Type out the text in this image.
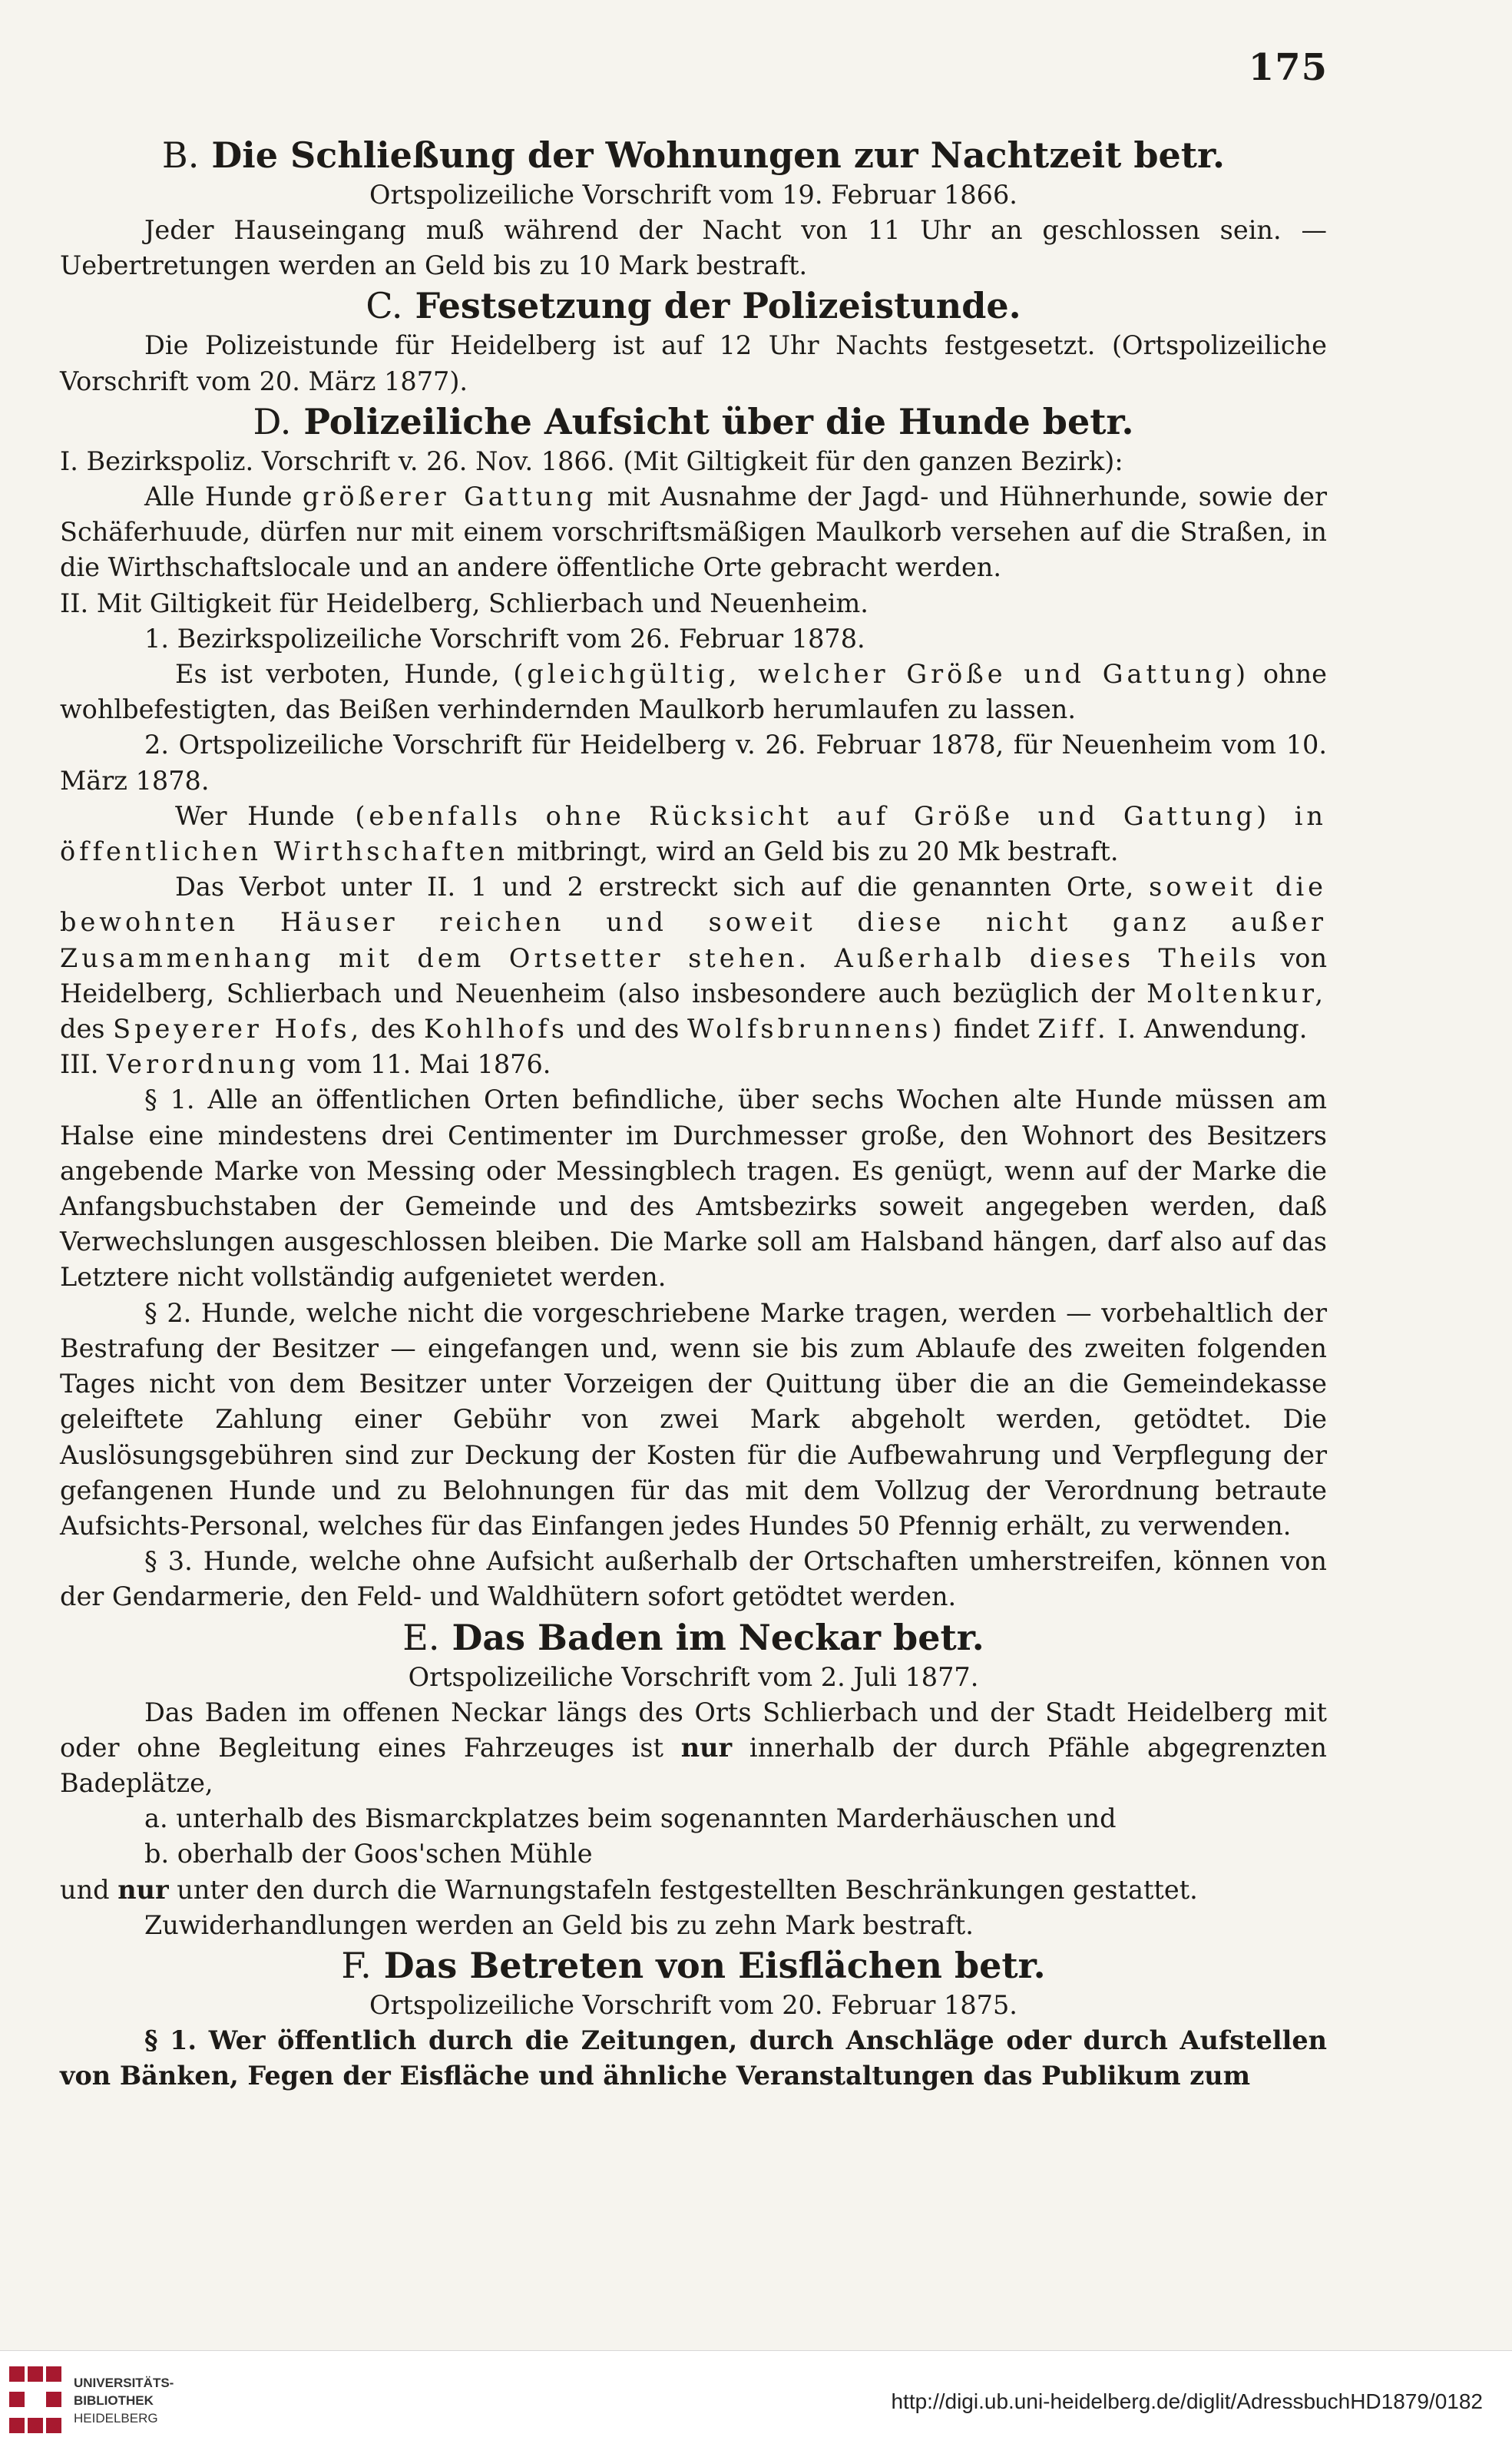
175
B. Die Schließung der Wohnungen zur Nachtzeit betr.

Ortspolizeiliche Vorschrift vom 19. Februar 1866.

Jeder Hauseingang muß während der Nacht von 11 Uhr an geschlossen sein. — Uebertretungen werden an Geld bis zu 10 Mark bestraft.

C. Festsetzung der Polizeistunde.

Die Polizeistunde für Heidelberg ist auf 12 Uhr Nachts festgesetzt. (Ortspolizeiliche Vorschrift vom 20. März 1877).

D. Polizeiliche Aufsicht über die Hunde betr.

I. Bezirkspoliz. Vorschrift v. 26. Nov. 1866. (Mit Giltigkeit für den ganzen Bezirk):

Alle Hunde größerer Gattung mit Ausnahme der Jagd- und Hühnerhunde, sowie der Schäferhuude, dürfen nur mit einem vorschriftsmäßigen Maulkorb versehen auf die Straßen, in die Wirthschaftslocale und an andere öffentliche Orte gebracht werden.

II. Mit Giltigkeit für Heidelberg, Schlierbach und Neuenheim.

1. Bezirkspolizeiliche Vorschrift vom 26. Februar 1878.

Es ist verboten, Hunde, (gleichgültig, welcher Größe und Gattung) ohne wohlbefestigten, das Beißen verhindernden Maulkorb herumlaufen zu lassen.

2. Ortspolizeiliche Vorschrift für Heidelberg v. 26. Februar 1878, für Neuenheim vom 10. März 1878.

Wer Hunde (ebenfalls ohne Rücksicht auf Größe und Gattung) in öffentlichen Wirthschaften mitbringt, wird an Geld bis zu 20 Mk bestraft.

Das Verbot unter II. 1 und 2 erstreckt sich auf die genannten Orte, soweit die bewohnten Häuser reichen und soweit diese nicht ganz außer Zusammenhang mit dem Ortsetter stehen. Außerhalb dieses Theils von Heidelberg, Schlierbach und Neuenheim (also insbesondere auch bezüglich der Moltenkur, des Speyerer Hofs, des Kohlhofs und des Wolfsbrunnens) findet Ziff. I. Anwendung.

III. Verordnung vom 11. Mai 1876.

§ 1. Alle an öffentlichen Orten befindliche, über sechs Wochen alte Hunde müssen am Halse eine mindestens drei Centimenter im Durchmesser große, den Wohnort des Besitzers angebende Marke von Messing oder Messingblech tragen. Es genügt, wenn auf der Marke die Anfangsbuchstaben der Gemeinde und des Amtsbezirks soweit angegeben werden, daß Verwechslungen ausgeschlossen bleiben. Die Marke soll am Halsband hängen, darf also auf das Letztere nicht vollständig aufgenietet werden.

§ 2. Hunde, welche nicht die vorgeschriebene Marke tragen, werden — vorbehaltlich der Bestrafung der Besitzer — eingefangen und, wenn sie bis zum Ablaufe des zweiten folgenden Tages nicht von dem Besitzer unter Vorzeigen der Quittung über die an die Gemeindekasse geleiftete Zahlung einer Gebühr von zwei Mark abgeholt werden, getödtet. Die Auslösungsgebühren sind zur Deckung der Kosten für die Aufbewahrung und Verpflegung der gefangenen Hunde und zu Belohnungen für das mit dem Vollzug der Verordnung betraute Aufsichts-Personal, welches für das Einfangen jedes Hundes 50 Pfennig erhält, zu verwenden.

§ 3. Hunde, welche ohne Aufsicht außerhalb der Ortschaften umherstreifen, können von der Gendarmerie, den Feld- und Waldhütern sofort getödtet werden.

E. Das Baden im Neckar betr.

Ortspolizeiliche Vorschrift vom 2. Juli 1877.

Das Baden im offenen Neckar längs des Orts Schlierbach und der Stadt Heidelberg mit oder ohne Begleitung eines Fahrzeuges ist nur innerhalb der durch Pfähle abgegrenzten Badeplätze,

a. unterhalb des Bismarckplatzes beim sogenannten Marderhäuschen und

b. oberhalb der Goos'schen Mühle

und nur unter den durch die Warnungstafeln festgestellten Beschränkungen gestattet.

Zuwiderhandlungen werden an Geld bis zu zehn Mark bestraft.

F. Das Betreten von Eisflächen betr.

Ortspolizeiliche Vorschrift vom 20. Februar 1875.

§ 1. Wer öffentlich durch die Zeitungen, durch Anschläge oder durch Aufstellen von Bänken, Fegen der Eisfläche und ähnliche Veranstaltungen das Publikum zum

UNIVERSITÄTS-
BIBLIOTHEK
HEIDELBERG
http://digi.ub.uni-heidelberg.de/diglit/AdressbuchHD1879/0182
